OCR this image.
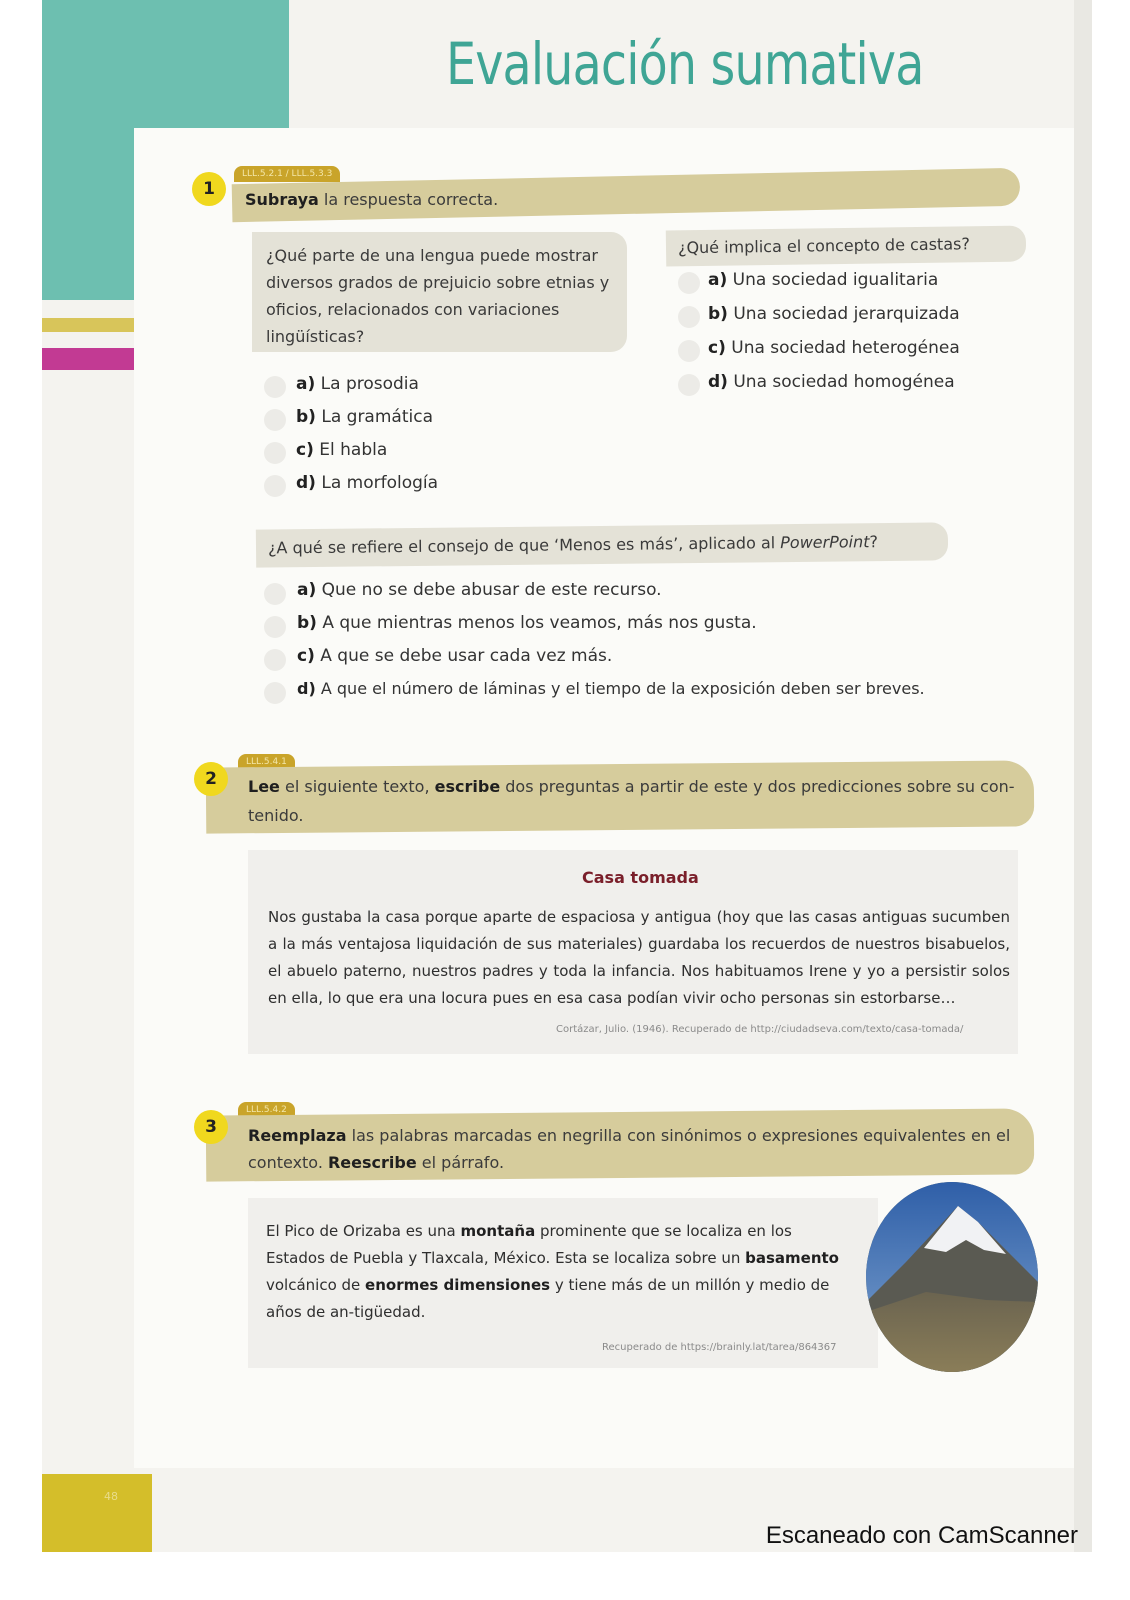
48
Evaluación sumativa
LLL.5.2.1 / LLL.5.3.3
1
Subraya la respuesta correcta.
¿Qué parte de una lengua puede mostrar diversos grados de prejuicio sobre etnias y oficios, relacionados con variaciones lingüísticas?
a) La prosodia
b) La gramática
c) El habla
d) La morfología
¿Qué implica el concepto de castas?
a) Una sociedad igualitaria
b) Una sociedad jerarquizada
c) Una sociedad heterogénea
d) Una sociedad homogénea
¿A qué se refiere el consejo de que ‘Menos es más’, aplicado al PowerPoint?
a) Que no se debe abusar de este recurso.
b) A que mientras menos los veamos, más nos gusta.
c) A que se debe usar cada vez más.
d) A que el número de láminas y el tiempo de la exposición deben ser breves.
LLL.5.4.1
2	Lee el siguiente texto, escribe dos preguntas a partir de este y dos predicciones sobre su con-
tenido.
Casa tomada
Nos gustaba la casa porque aparte de espaciosa y antigua (hoy que las casas antiguas sucumben a la más ventajosa liquidación de sus materiales) guardaba los recuerdos de nuestros bisabuelos, el abuelo paterno, nuestros padres y toda la infancia. Nos habituamos Irene y yo a persistir solos en ella, lo que era una locura pues en esa casa podían vivir ocho personas sin estorbarse…
Cortázar, Julio. (1946). Recuperado de http://ciudadseva.com/texto/casa-tomada/
LLL.5.4.2
3	Reemplaza las palabras marcadas en negrilla con sinónimos o expresiones equivalentes en el
contexto. Reescribe el párrafo.
El Pico de Orizaba es una montaña prominente que se localiza en los Estados de Puebla y Tlaxcala, México. Esta se localiza sobre un basamento volcánico de enormes dimensiones y tiene más de un millón y medio de años de an-tigüedad.
Recuperado de https://brainly.lat/tarea/864367
Escaneado con CamScanner
